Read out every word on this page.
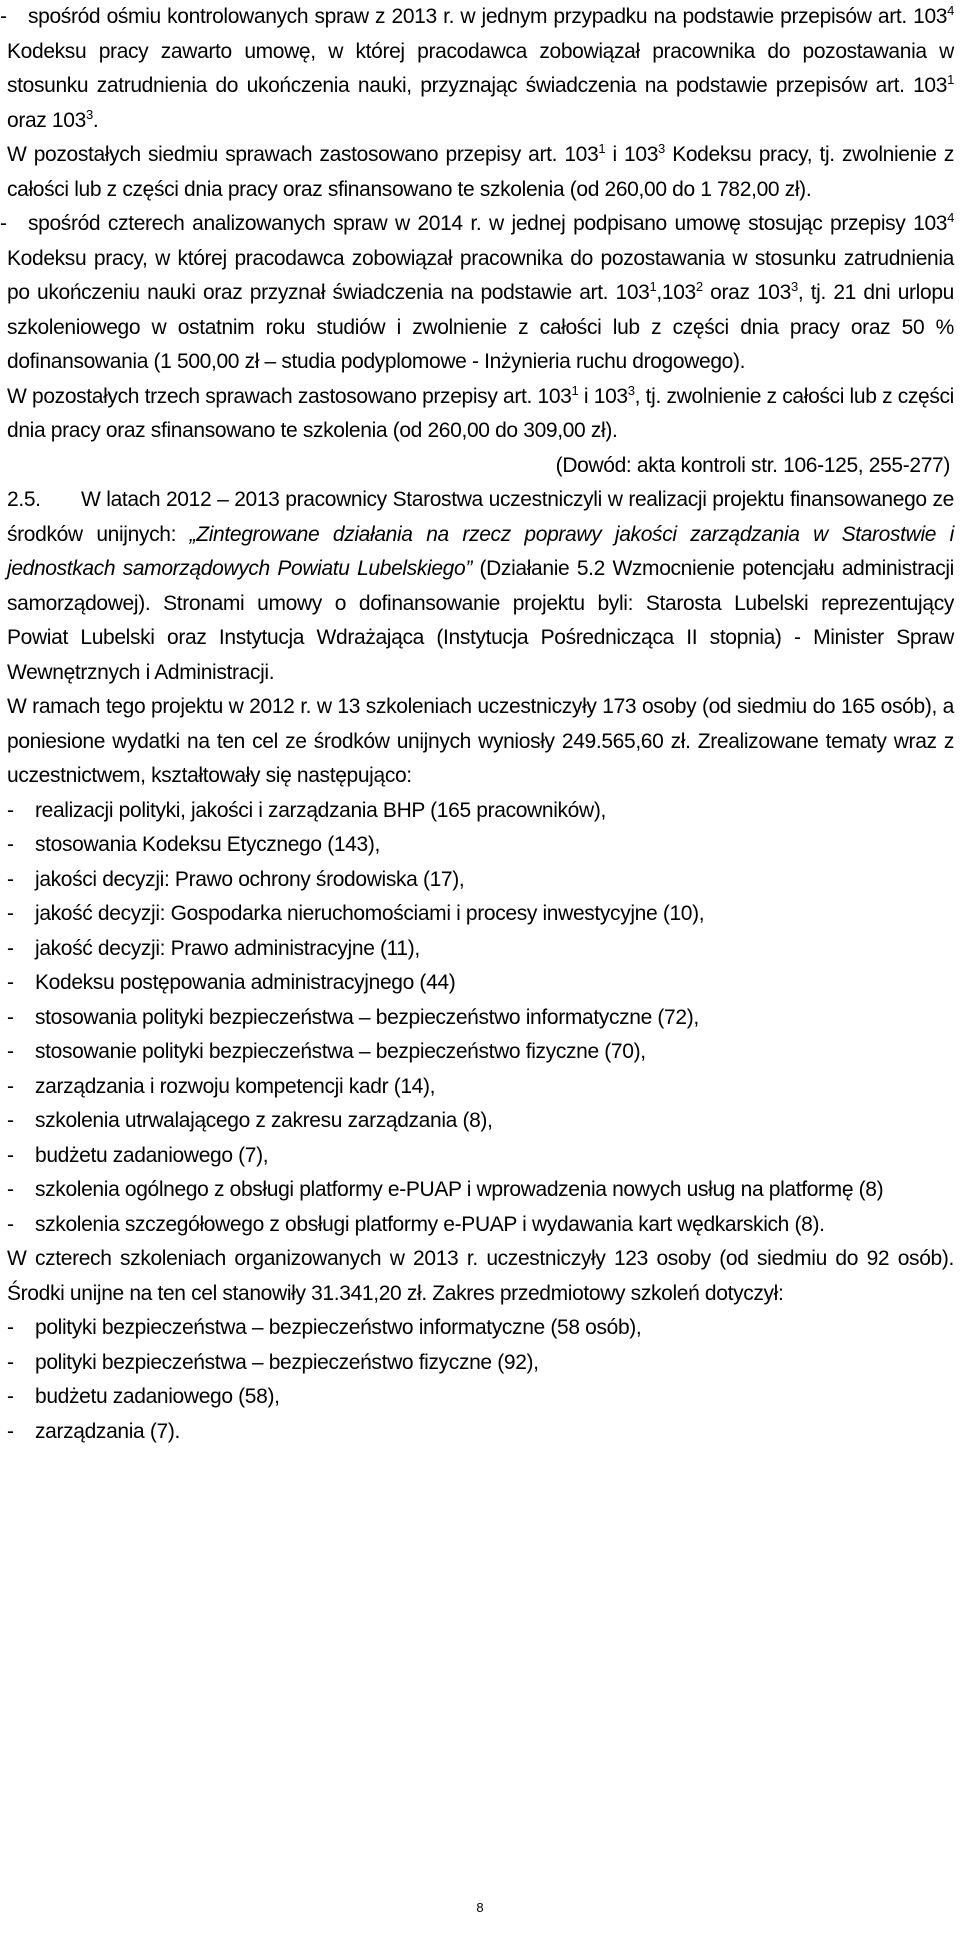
- spośród ośmiu kontrolowanych spraw z 2013 r. w jednym przypadku na podstawie przepisów art. $103^4$ Kodeksu pracy zawarto umowę, w której pracodawca zobowiązał pracownika do pozostawania w stosunku zatrudnienia do ukończenia nauki, przyznając świadczenia na podstawie przepisów art. $103^1$ oraz $103^3$.
W pozostałych siedmiu sprawach zastosowano przepisy art. $103^1$ i $103^3$ Kodeksu pracy, tj. zwolnienie z całości lub z części dnia pracy oraz sfinansowano te szkolenia (od 260,00 do 1 782,00 zł).
- spośród czterech analizowanych spraw w 2014 r. w jednej podpisano umowę stosując przepisy $103^4$ Kodeksu pracy, w której pracodawca zobowiązał pracownika do pozostawania w stosunku zatrudnienia po ukończeniu nauki oraz przyznał świadczenia na podstawie art. $103^1,103^2$ oraz $103^3$, tj. 21 dni urlopu szkoleniowego w ostatnim roku studiów i zwolnienie z całości lub z części dnia pracy oraz 50 % dofinansowania (1 500,00 zł – studia podyplomowe - Inżynieria ruchu drogowego).
W pozostałych trzech sprawach zastosowano przepisy art. $103^1$ i $103^3$, tj. zwolnienie z całości lub z części dnia pracy oraz sfinansowano te szkolenia (od 260,00 do 309,00 zł).
(Dowód: akta kontroli str. 106-125, 255-277)
2.5. W latach 2012 – 2013 pracownicy Starostwa uczestniczyli w realizacji projektu finansowanego ze środków unijnych: „Zintegrowane działania na rzecz poprawy jakości zarządzania w Starostwie i jednostkach samorządowych Powiatu Lubelskiego” (Działanie 5.2 Wzmocnienie potencjału administracji samorządowej). Stronami umowy o dofinansowanie projektu byli: Starosta Lubelski reprezentujący Powiat Lubelski oraz Instytucja Wdrażająca (Instytucja Pośrednicząca II stopnia) - Minister Spraw Wewnętrznych i Administracji.
W ramach tego projektu w 2012 r. w 13 szkoleniach uczestniczyły 173 osoby (od siedmiu do 165 osób), a poniesione wydatki na ten cel ze środków unijnych wyniosły 249.565,60 zł. Zrealizowane tematy wraz z uczestnictwem, kształtowały się następująco:
-	realizacji polityki, jakości i zarządzania BHP (165 pracowników),
-	stosowania Kodeksu Etycznego (143),
-	jakości decyzji: Prawo ochrony środowiska (17),
-	jakość decyzji: Gospodarka nieruchomościami i procesy inwestycyjne (10),
-	jakość decyzji: Prawo administracyjne (11),
-	Kodeksu postępowania administracyjnego (44)
-	stosowania polityki bezpieczeństwa – bezpieczeństwo informatyczne (72),
-	stosowanie polityki bezpieczeństwa – bezpieczeństwo fizyczne (70),
-	zarządzania i rozwoju kompetencji kadr (14),
-	szkolenia utrwalającego z zakresu zarządzania (8),
-	budżetu zadaniowego (7),
-	szkolenia ogólnego z obsługi platformy e-PUAP i wprowadzenia nowych usług na platformę (8)
-	szkolenia szczegółowego z obsługi platformy e-PUAP i wydawania kart wędkarskich (8).
W czterech szkoleniach organizowanych w 2013 r. uczestniczyły 123 osoby (od siedmiu do 92 osób). Środki unijne na ten cel stanowiły 31.341,20 zł. Zakres przedmiotowy szkoleń dotyczył:
-	polityki bezpieczeństwa – bezpieczeństwo informatyczne (58 osób),
-	polityki bezpieczeństwa – bezpieczeństwo fizyczne (92),
-	budżetu zadaniowego (58),
-	zarządzania (7).
8
